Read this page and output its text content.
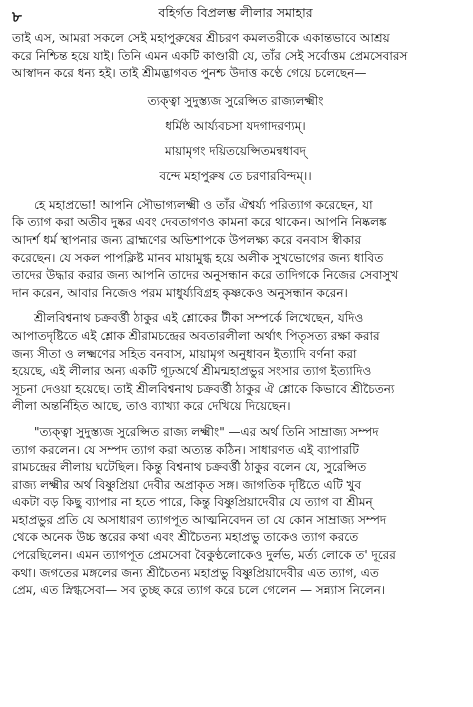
৮	বহির্গত বিপ্রলম্ভ লীলার সমাহার

তাই এস, আমরা সকলে সেই মহাপুরুষের শ্রীচরণ কমলতরীকে একান্তভাবে আশ্রয়
করে নিশ্চিন্ত হয়ে যাই। তিনি এমন একটি কাণ্ডারী যে, তাঁর সেই সর্বোত্তম প্রেমসেবারস
আস্বাদন করে ধন্য হই। তাই শ্রীমদ্ভাগবত পুনশ্চ উদাত্ত কণ্ঠে গেয়ে চলেছেন—

ত্যক্ত্বা সুদুস্ত্যজ সুরেপ্সিত রাজ্যলক্ষ্মীং
ধর্মিষ্ঠ আর্য্যবচসা যদগাদরণ্যম্।
মায়ামৃগং দয়িতয়েপ্সিতমন্বধাবদ্
বন্দে মহাপুরুষ তে চরণারবিন্দম্।।

হে মহাপ্রভো! আপনি সৌভাগ্যলক্ষ্মী ও তাঁর ঐশ্বর্য্য পরিত্যাগ করেছেন, যা
কি ত্যাগ করা অতীব দুষ্কর এবং দেবতাগণও কামনা করে থাকেন। আপনি নিষ্কলঙ্ক
আদর্শ ধর্ম স্থাপনার জন্য ব্রাহ্মণের অভিশাপকে উপলক্ষ্য করে বনবাস স্বীকার
করেছেন। যে সকল পাপক্লিষ্ট মানব মায়ামুগ্ধ হয়ে অলীক সুখভোগের জন্য ধাবিত
তাদের উদ্ধার করার জন্য আপনি তাদের অনুসন্ধান করে তাদিগকে নিজের সেবাসুখ
দান করেন, আবার নিজেও পরম মাধুর্য্যবিগ্রহ কৃষ্ণকেও অনুসন্ধান করেন।

শ্রীলবিশ্বনাথ চক্রবর্ত্তী ঠাকুর এই শ্লোকের টীকা সম্পর্কে লিখেছেন, যদিও
আপাতদৃষ্টিতে এই শ্লোক শ্রীরামচন্দ্রের অবতারলীলা অর্থাৎ পিতৃসত্য রক্ষা করার
জন্য সীতা ও লক্ষ্মণের সহিত বনবাস, মায়ামৃগ অনুধাবন ইত্যাদি বর্ণনা করা
হয়েছে, এই লীলার অন্য একটি গূঢ়অর্থে শ্রীমন্মহাপ্রভুর সংসার ত্যাগ ইত্যাদিও
সূচনা দেওয়া হয়েছে। তাই শ্রীলবিশ্বনাথ চক্রবর্ত্তী ঠাকুর ঐ শ্লোকে কিভাবে শ্রীচৈতন্য
লীলা অন্তর্নিহিত আছে, তাও ব্যাখ্যা করে দেখিয়ে দিয়েছেন।

"ত্যক্ত্বা সুদুস্ত্যজ সুরেপ্সিত রাজ্য লক্ষ্মীং" —এর অর্থ তিনি সাম্রাজ্য সম্পদ
ত্যাগ করলেন। যে সম্পদ ত্যাগ করা অত্যন্ত কঠিন। সাধারণত এই ব্যাপারটি
রামচন্দ্রের লীলায় ঘটেছিল। কিন্তু বিশ্বনাথ চক্রবর্ত্তী ঠাকুর বলেন যে, সুরেপ্সিত
রাজ্য লক্ষ্মীর অর্থ বিষ্ণুপ্রিয়া দেবীর অপ্রাকৃত সঙ্গ। জাগতিক দৃষ্টিতে এটি খুব
একটা বড় কিছু ব্যাপার না হতে পারে, কিন্তু বিষ্ণুপ্রিয়াদেবীর যে ত্যাগ বা শ্রীমন্
মহাপ্রভুর প্রতি যে অসাধারণ ত্যাগপূত আত্মনিবেদন তা যে কোন সাম্রাজ্য সম্পদ
থেকে অনেক উচ্চ স্তরের কথা এবং শ্রীচৈতন্য মহাপ্রভু তাকেও ত্যাগ করতে
পেরেছিলেন। এমন ত্যাগপূত প্রেমসেবা বৈকুণ্ঠলোকেও দুর্লভ, মর্ত্য লোকে ত' দূরের
কথা। জগতের মঙ্গলের জন্য শ্রীচৈতন্য মহাপ্রভু বিষ্ণুপ্রিয়াদেবীর এত ত্যাগ, এত
প্রেম, এত স্নিগ্ধসেবা— সব তুচ্ছ করে ত্যাগ করে চলে গেলেন — সন্ন্যাস নিলেন।
